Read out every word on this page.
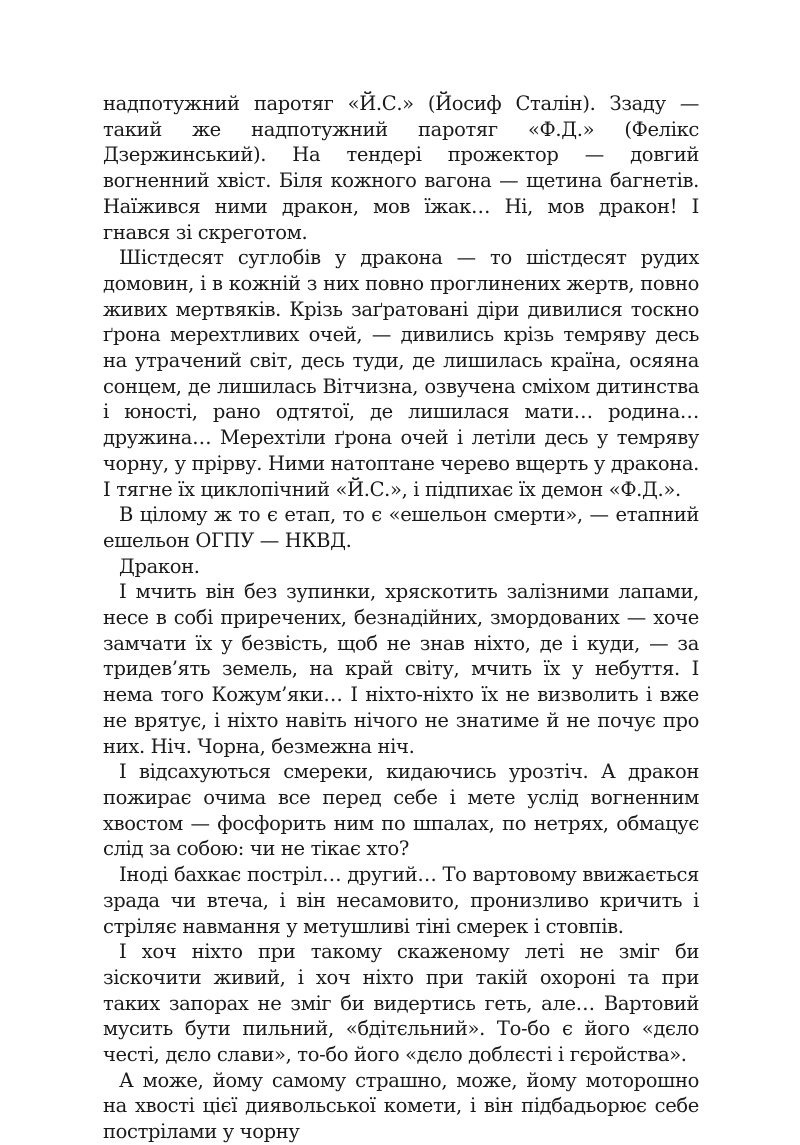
надпотужний паротяг «Й.С.» (Йосиф Сталін). Ззаду — такий же надпотужний паротяг «Ф.Д.» (Фелікс Дзержинський). На тендері прожектор — довгий вогненний хвіст. Біля кожного вагона — щетина багнетів. Наїжився ними дракон, мов їжак… Ні, мов дракон! І гнався зі скреготом.

Шістдесят суглобів у дракона — то шістдесят рудих домовин, і в кожній з них повно проглинених жертв, повно живих мертвяків. Крізь заґратовані діри дивилися тоскно ґрона мерехтливих очей, — дивились крізь темряву десь на утрачений світ, десь туди, де лишилась країна, осяяна сонцем, де лишилась Вітчизна, озвучена сміхом дитинства і юності, рано одтятої, де лишилася мати… родина… дружина… Мерехтіли ґрона очей і летіли десь у темряву чорну, у прірву. Ними натоптане черево вщерть у дракона. І тягне їх циклопічний «Й.С.», і підпихає їх демон «Ф.Д.».

В цілому ж то є етап, то є «ешельон смерти», — етапний ешельон ОГПУ — НКВД.

Дракон.

І мчить він без зупинки, хряскотить залізними лапами, несе в собі приречених, безнадійних, змордованих — хоче замчати їх у безвість, щоб не знав ніхто, де і куди, — за тридев’ять земель, на край світу, мчить їх у небуття. І нема того Кожум’яки… І ніхто-ніхто їх не визволить і вже не врятує, і ніхто навіть нічого не знатиме й не почує про них. Ніч. Чорна, безмежна ніч.

І відсахуються смереки, кидаючись урозтіч. А дракон пожирає очима все перед себе і мете услід вогненним хвостом — фосфорить ним по шпалах, по нетрях, обмацує слід за собою: чи не тікає хто?

Іноді бахкає постріл… другий… То вартовому ввижається зрада чи втеча, і він несамовито, пронизливо кричить і стріляє навмання у метушливі тіні смерек і стовпів.

І хоч ніхто при такому скаженому леті не зміг би зіскочити живий, і хоч ніхто при такій охороні та при таких запорах не зміг би видертись геть, але… Вартовий мусить бути пильний, «бдітєльний». То-бо є його «дєло честі, дєло слави», то-бо його «дєло доблєсті і гєройства».

А може, йому самому страшно, може, йому моторошно на хвості цієї диявольської комети, і він підбадьорює себе пострілами у чорну
